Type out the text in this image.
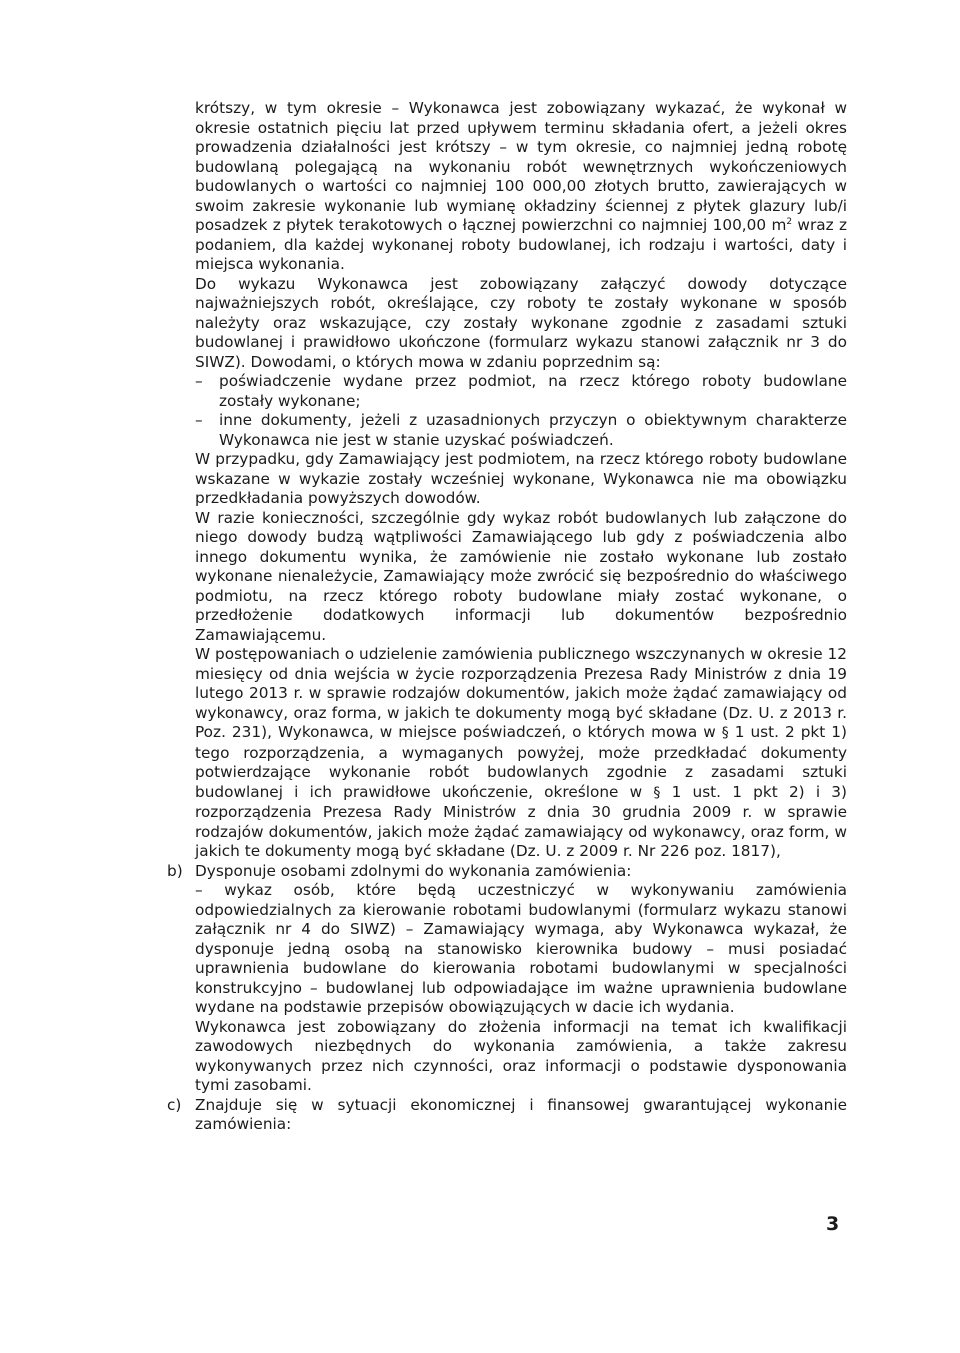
krótszy, w tym okresie – Wykonawca jest zobowiązany wykazać, że wykonał w okresie ostatnich pięciu lat przed upływem terminu składania ofert, a jeżeli okres prowadzenia działalności jest krótszy – w tym okresie, co najmniej jedną robotę budowlaną polegającą na wykonaniu robót wewnętrznych wykończeniowych budowlanych o wartości co najmniej 100 000,00 złotych brutto, zawierających w swoim zakresie wykonanie lub wymianę okładziny ściennej z płytek glazury lub/i posadzek z płytek terakotowych o łącznej powierzchni co najmniej 100,00 $m^2$ wraz z podaniem, dla każdej wykonanej roboty budowlanej, ich rodzaju i wartości, daty i miejsca wykonania.

Do wykazu Wykonawca jest zobowiązany załączyć dowody dotyczące najważniejszych robót, określające, czy roboty te zostały wykonane w sposób należyty oraz wskazujące, czy zostały wykonane zgodnie z zasadami sztuki budowlanej i prawidłowo ukończone (formularz wykazu stanowi załącznik nr 3 do SIWZ). Dowodami, o których mowa w zdaniu poprzednim są:

– poświadczenie wydane przez podmiot, na rzecz którego roboty budowlane zostały wykonane;
– inne dokumenty, jeżeli z uzasadnionych przyczyn o obiektywnym charakterze Wykonawca nie jest w stanie uzyskać poświadczeń.

W przypadku, gdy Zamawiający jest podmiotem, na rzecz którego roboty budowlane wskazane w wykazie zostały wcześniej wykonane, Wykonawca nie ma obowiązku przedkładania powyższych dowodów.

W razie konieczności, szczególnie gdy wykaz robót budowlanych lub załączone do niego dowody budzą wątpliwości Zamawiającego lub gdy z poświadczenia albo innego dokumentu wynika, że zamówienie nie zostało wykonane lub zostało wykonane nienależycie, Zamawiający może zwrócić się bezpośrednio do właściwego podmiotu, na rzecz którego roboty budowlane miały zostać wykonane, o przedłożenie dodatkowych informacji lub dokumentów bezpośrednio Zamawiającemu.

W postępowaniach o udzielenie zamówienia publicznego wszczynanych w okresie 12 miesięcy od dnia wejścia w życie rozporządzenia Prezesa Rady Ministrów z dnia 19 lutego 2013 r. w sprawie rodzajów dokumentów, jakich może żądać zamawiający od wykonawcy, oraz forma, w jakich te dokumenty mogą być składane (Dz. U. z 2013 r. Poz. 231), Wykonawca, w miejsce poświadczeń, o których mowa w § 1 ust. 2 pkt 1) tego rozporządzenia, a wymaganych powyżej, może przedkładać dokumenty potwierdzające wykonanie robót budowlanych zgodnie z zasadami sztuki budowlanej i ich prawidłowe ukończenie, określone w § 1 ust. 1 pkt 2) i 3) rozporządzenia Prezesa Rady Ministrów z dnia 30 grudnia 2009 r. w sprawie rodzajów dokumentów, jakich może żądać zamawiający od wykonawcy, oraz form, w jakich te dokumenty mogą być składane (Dz. U. z 2009 r. Nr 226 poz. 1817),

b) Dysponuje osobami zdolnymi do wykonania zamówienia:

– wykaz osób, które będą uczestniczyć w wykonywaniu zamówienia odpowiedzialnych za kierowanie robotami budowlanymi (formularz wykazu stanowi załącznik nr 4 do SIWZ) – Zamawiający wymaga, aby Wykonawca wykazał, że dysponuje jedną osobą na stanowisko kierownika budowy – musi posiadać uprawnienia budowlane do kierowania robotami budowlanymi w specjalności konstrukcyjno – budowlanej lub odpowiadające im ważne uprawnienia budowlane wydane na podstawie przepisów obowiązujących w dacie ich wydania.

Wykonawca jest zobowiązany do złożenia informacji na temat ich kwalifikacji zawodowych niezbędnych do wykonania zamówienia, a także zakresu wykonywanych przez nich czynności, oraz informacji o podstawie dysponowania tymi zasobami.

c) Znajduje się w sytuacji ekonomicznej i finansowej gwarantującej wykonanie zamówienia:

3
